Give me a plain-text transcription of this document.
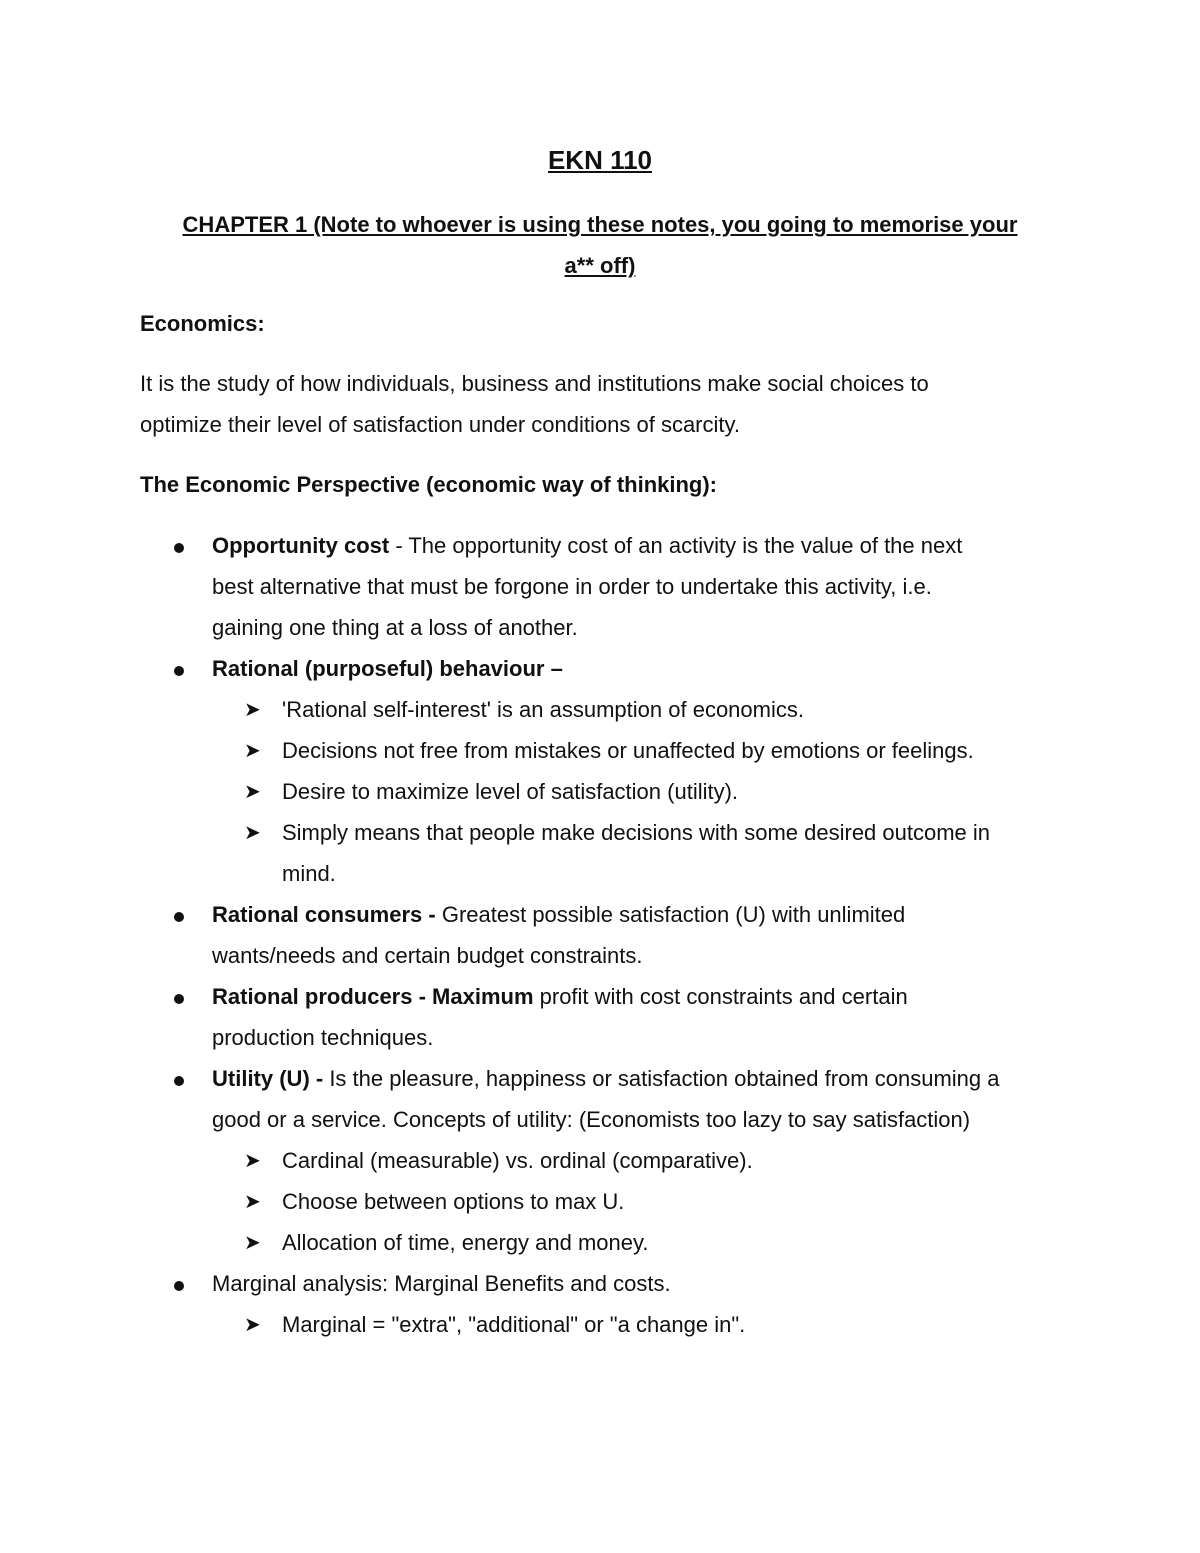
EKN 110
CHAPTER 1 (Note to whoever is using these notes, you going to memorise your
a** off)
Economics:
It is the study of how individuals, business and institutions make social choices to
optimize their level of satisfaction under conditions of scarcity.
The Economic Perspective (economic way of thinking):
Opportunity cost - The opportunity cost of an activity is the value of the next
best alternative that must be forgone in order to undertake this activity, i.e.
gaining one thing at a loss of another.
Rational (purposeful) behaviour –
➤ 'Rational self-interest' is an assumption of economics.
➤ Decisions not free from mistakes or unaffected by emotions or feelings.
➤ Desire to maximize level of satisfaction (utility).
➤ Simply means that people make decisions with some desired outcome in
mind.
Rational consumers - Greatest possible satisfaction (U) with unlimited
wants/needs and certain budget constraints.
Rational producers - Maximum profit with cost constraints and certain
production techniques.
Utility (U) - Is the pleasure, happiness or satisfaction obtained from consuming a
good or a service. Concepts of utility: (Economists too lazy to say satisfaction)
➤ Cardinal (measurable) vs. ordinal (comparative).
➤ Choose between options to max U.
➤ Allocation of time, energy and money.
Marginal analysis: Marginal Benefits and costs.
➤ Marginal = "extra", "additional" or "a change in".
